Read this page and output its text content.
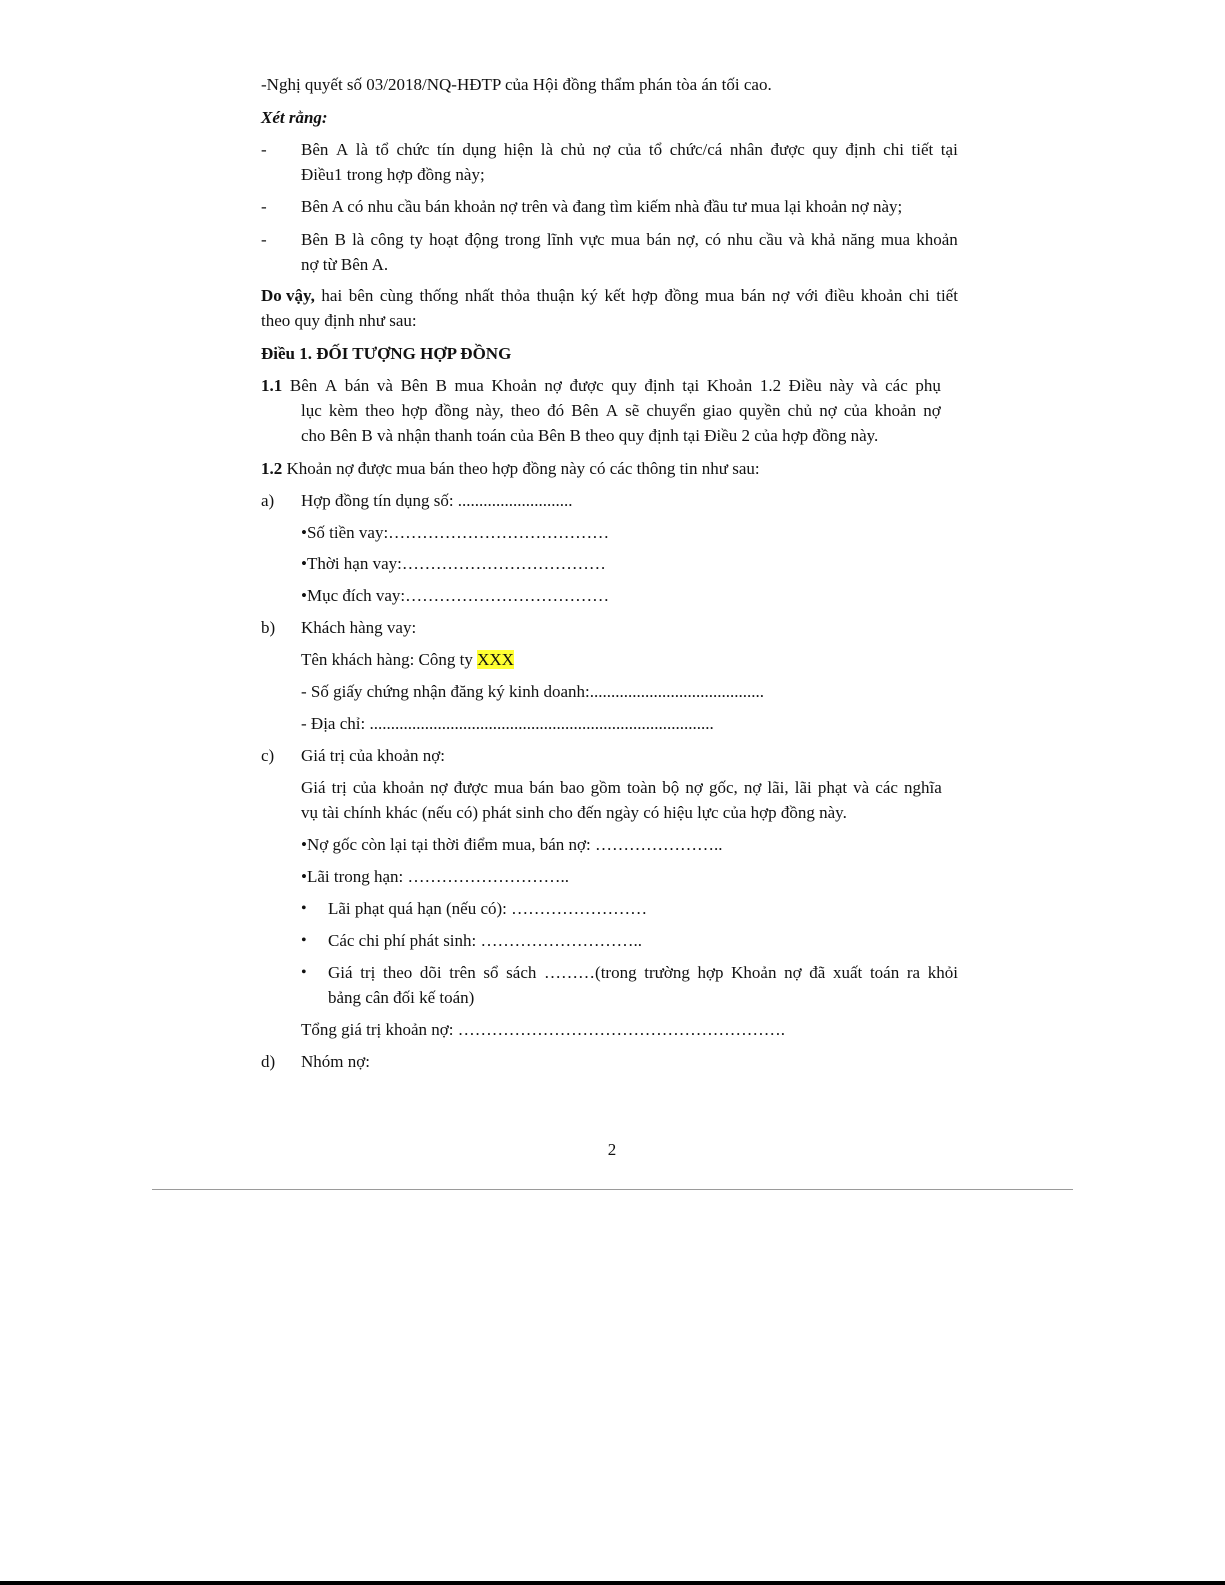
-Nghị quyết số 03/2018/NQ-HĐTP của Hội đồng thẩm phán tòa án tối cao.
Xét rằng:
- Bên A là tổ chức tín dụng hiện là chủ nợ của tổ chức/cá nhân được quy định chi tiết tại
Điều1 trong hợp đồng này;
- Bên A có nhu cầu bán khoản nợ trên và đang tìm kiếm nhà đầu tư mua lại khoản nợ này;
- Bên B là công ty hoạt động trong lĩnh vực mua bán nợ, có nhu cầu và khả năng mua khoản
nợ từ Bên A.
Do vậy, hai bên cùng thống nhất thỏa thuận ký kết hợp đồng mua bán nợ với điều khoản chi tiết
theo quy định như sau:
Điều 1. ĐỐI TƯỢNG HỢP ĐỒNG
1.1 Bên A bán và Bên B mua Khoản nợ được quy định tại Khoản 1.2 Điều này và các phụ
lục kèm theo hợp đồng này, theo đó Bên A sẽ chuyển giao quyền chủ nợ của khoản nợ
cho Bên B và nhận thanh toán của Bên B theo quy định tại Điều 2 của hợp đồng này.
1.2 Khoản nợ được mua bán theo hợp đồng này có các thông tin như sau:
a) Hợp đồng tín dụng số: ...........................
•Số tiền vay:…………………………………
•Thời hạn vay:………………………………
•Mục đích vay:………………………………
b) Khách hàng vay:
Tên khách hàng: Công ty XXX
- Số giấy chứng nhận đăng ký kinh doanh:.........................................
- Địa chỉ: .................................................................................
c) Giá trị của khoản nợ:
Giá trị của khoản nợ được mua bán bao gồm toàn bộ nợ gốc, nợ lãi, lãi phạt và các nghĩa
vụ tài chính khác (nếu có) phát sinh cho đến ngày có hiệu lực của hợp đồng này.
•Nợ gốc còn lại tại thời điểm mua, bán nợ: …………………..
•Lãi trong hạn: ………………………..
• Lãi phạt quá hạn (nếu có): ……………………
• Các chi phí phát sinh: ………………………..
• Giá trị theo dõi trên sổ sách ………(trong trường hợp Khoản nợ đã xuất toán ra khỏi
bảng cân đối kế toán)
Tổng giá trị khoản nợ: ………………………………………………….
d) Nhóm nợ:
2
